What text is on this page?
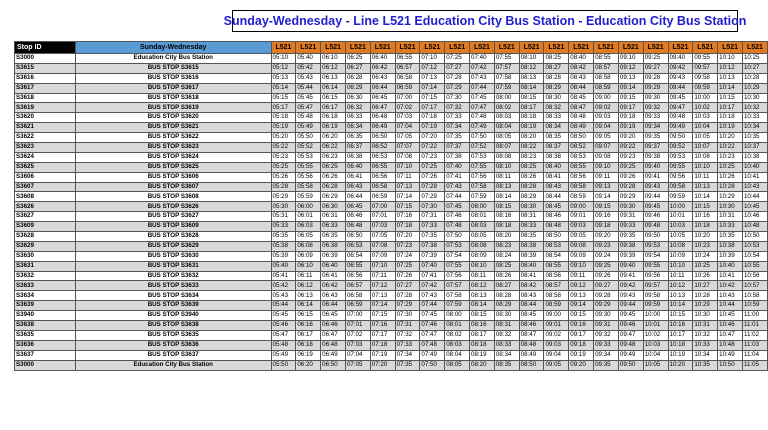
Sunday-Wednesday - Line L521 Education City Bus Station - Education City Bus Station
Stop ID	Sunday-Wednesday	L521	L521	L521	L521	L521	L521	L521	L521	L521	L521	L521	L521	L521	L521	L521	L521	L521	L521	L521	L521
S3000	Education City Bus Station	05:10	05:40	06:10	06:25	06:40	06:55	07:10	07:25	07:40	07:55	08:10	08:25	08:40	08:55	09:10	09:25	09:40	09:55	10:10	10:25
S3615	BUS STOP S3615	05:12	05:42	06:12	06:27	06:42	06:57	07:12	07:27	07:42	07:57	08:12	08:27	08:42	08:57	09:12	09:27	09:42	09:57	10:12	10:27
S3616	BUS STOP S3616	05:13	05:43	06:13	06:28	06:43	06:58	07:13	07:28	07:43	07:58	08:13	08:28	08:43	08:58	09:13	09:28	09:43	09:58	10:13	10:28
S3617	BUS STOP S3617	05:14	05:44	06:14	06:29	06:44	06:59	07:14	07:29	07:44	07:59	08:14	08:29	08:44	08:59	09:14	09:29	09:44	09:59	10:14	10:29
S3618	BUS STOP S3618	05:15	05:45	06:15	06:30	06:45	07:00	07:15	07:30	07:45	08:00	08:15	08:30	08:45	09:00	09:15	09:30	09:45	10:00	10:15	10:30
S3619	BUS STOP S3619	05:17	05:47	06:17	06:32	06:47	07:02	07:17	07:32	07:47	08:02	08:17	08:32	08:47	09:02	09:17	09:32	09:47	10:02	10:17	10:32
S3620	BUS STOP S3620	05:18	05:48	06:18	06:33	06:48	07:03	07:18	07:33	07:48	08:03	08:18	08:33	08:48	09:03	09:18	09:33	09:48	10:03	10:18	10:33
S3621	BUS STOP S3621	05:19	05:49	06:19	06:34	06:49	07:04	07:19	07:34	07:49	08:04	08:19	08:34	08:49	09:04	09:19	09:34	09:49	10:04	10:19	10:34
S3622	BUS STOP S3622	05:20	05:50	06:20	06:35	06:50	07:05	07:20	07:35	07:50	08:05	08:20	08:35	08:50	09:05	09:20	09:35	09:50	10:05	10:20	10:35
S3623	BUS STOP S3623	05:22	05:52	06:22	06:37	06:52	07:07	07:22	07:37	07:52	08:07	08:22	08:37	08:52	09:07	09:22	09:37	09:52	10:07	10:22	10:37
S3624	BUS STOP S3624	05:23	05:53	06:23	06:38	06:53	07:08	07:23	07:38	07:53	08:08	08:23	08:38	08:53	09:08	09:23	09:38	09:53	10:08	10:23	10:38
S3625	BUS STOP S3625	05:25	05:55	06:25	06:40	06:55	07:10	07:25	07:40	07:55	08:10	08:25	08:40	08:55	09:10	09:25	09:40	09:55	10:10	10:25	10:40
S3606	BUS STOP S3606	05:26	05:56	06:26	06:41	06:56	07:11	07:26	07:41	07:56	08:11	08:26	08:41	08:56	09:11	09:26	09:41	09:56	10:11	10:26	10:41
S3607	BUS STOP S3607	05:28	05:58	06:28	06:43	06:58	07:13	07:28	07:43	07:58	08:13	08:28	08:43	08:58	09:13	09:28	09:43	09:58	10:13	10:28	10:43
S3608	BUS STOP S3608	05:29	05:59	06:29	06:44	06:59	07:14	07:29	07:44	07:59	08:14	08:29	08:44	08:59	09:14	09:29	09:44	09:59	10:14	10:29	10:44
S3626	BUS STOP S3626	05:30	06:00	06:30	06:45	07:00	07:15	07:30	07:45	08:00	08:15	08:30	08:45	09:00	09:15	09:30	09:45	10:00	10:15	10:30	10:45
S3627	BUS STOP S3627	05:31	06:01	06:31	06:46	07:01	07:16	07:31	07:46	08:01	08:16	08:31	08:46	09:01	09:16	09:31	09:46	10:01	10:16	10:31	10:46
S3609	BUS STOP S3609	05:33	06:03	06:33	06:48	07:03	07:18	07:33	07:48	08:03	08:18	08:33	08:48	09:03	09:18	09:33	09:48	10:03	10:18	10:33	10:48
S3628	BUS STOP S3628	05:35	06:05	06:35	06:50	07:05	07:20	07:35	07:50	08:05	08:20	08:35	08:50	09:05	09:20	09:35	09:50	10:05	10:20	10:35	10:50
S3629	BUS STOP S3629	05:38	06:08	06:38	06:53	07:08	07:23	07:38	07:53	08:08	08:23	08:38	08:53	09:08	09:23	09:38	09:53	10:08	10:23	10:38	10:53
S3630	BUS STOP S3630	05:39	06:09	06:39	06:54	07:09	07:24	07:39	07:54	08:09	08:24	08:39	08:54	09:09	09:24	09:39	09:54	10:09	10:24	10:39	10:54
S3631	BUS STOP S3631	05:40	06:10	06:40	06:55	07:10	07:25	07:40	07:55	08:10	08:25	08:40	08:55	09:10	09:25	09:40	09:55	10:10	10:25	10:40	10:55
S3632	BUS STOP S3632	05:41	06:11	06:41	06:56	07:11	07:26	07:41	07:56	08:11	08:26	08:41	08:56	09:11	09:26	09:41	09:56	10:11	10:26	10:41	10:56
S3633	BUS STOP S3633	05:42	06:12	06:42	06:57	07:12	07:27	07:42	07:57	08:12	08:27	08:42	08:57	09:12	09:27	09:42	09:57	10:12	10:27	10:42	10:57
S3634	BUS STOP S3634	05:43	06:13	06:43	06:58	07:13	07:28	07:43	07:58	08:13	08:28	08:43	08:58	09:13	09:28	09:43	09:58	10:13	10:28	10:43	10:58
S3639	BUS STOP S3639	05:44	06:14	06:44	06:59	07:14	07:29	07:44	07:59	08:14	08:29	08:44	08:59	09:14	09:29	09:44	09:59	10:14	10:29	10:44	10:59
S3940	BUS STOP S3940	05:45	06:15	06:45	07:00	07:15	07:30	07:45	08:00	08:15	08:30	08:45	09:00	09:15	09:30	09:45	10:00	10:15	10:30	10:45	11:00
S3638	BUS STOP S3638	05:46	06:16	06:46	07:01	07:16	07:31	07:46	08:01	08:16	08:31	08:46	09:01	09:16	09:31	09:46	10:01	10:16	10:31	10:46	11:01
S3635	BUS STOP S3635	05:47	06:17	06:47	07:02	07:17	07:32	07:47	08:02	08:17	08:32	08:47	09:02	09:17	09:32	09:47	10:02	10:17	10:32	10:47	11:02
S3636	BUS STOP S3636	05:48	06:18	06:48	07:03	07:18	07:33	07:48	08:03	08:18	08:33	08:48	09:03	09:18	09:33	09:48	10:03	10:18	10:33	10:48	11:03
S3637	BUS STOP S3637	05:49	06:19	06:49	07:04	07:19	07:34	07:49	08:04	08:19	08:34	08:49	09:04	09:19	09:34	09:49	10:04	10:19	10:34	10:49	11:04
S3000	Education City Bus Station	05:50	06:20	06:50	07:05	07:20	07:35	07:50	08:05	08:20	08:35	08:50	09:05	09:20	09:35	09:50	10:05	10:20	10:35	10:50	11:05
